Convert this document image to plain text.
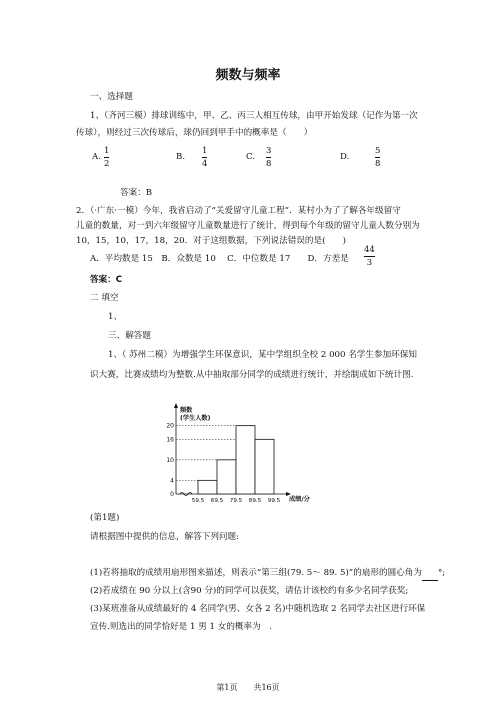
频数与频率
一、选择题
1、（齐河三模）排球训练中，甲、乙、丙三人相互传球，由甲开始发球（记作为第一次
传球），则经过三次传球后，球仍回到甲手中的概率是（　　）
A.
1
2
B.
1
4
C.
3
8
D.
5
8
答案：B
2．（·广东·一模）今年，我省启动了“关爱留守儿童工程”．某村小为了了解各年级留守
儿童的数量，对一到六年级留守儿童数量进行了统计，得到每个年级的留守儿童人数分别为
10，15，10，17，18，20．对于这组数据，下列说法错误的是(　　)
A．平均数是 15　B．众数是 10　 C．中位数是 17　　D．方差是
44
3
答案：C
二 填空
1、
三、解答题
1、（ 苏州二模）为增强学生环保意识，某中学组织全校 2 000 名学生参加环保知
识大赛，比赛成绩均为整数.从中抽取部分同学的成绩进行统计，并绘制成如下统计图.
频数
(学生人数)
成绩/分
0
4
10
16
20
59.5 69.5 79.5 89.5 99.5
(第1题)
请根据图中提供的信息，解答下列问题:
(1)若将抽取的成绩用扇形图来描述，则表示“第三组(79. 5～ 89. 5)”的扇形的圆心角为 °;
(2)若成绩在 90 分以上(含90 分)的同学可以获奖，请估计该校约有多少名同学获奖;
(3)某班准备从成绩最好的 4 名同学(男、女各 2 名)中随机选取 2 名同学去社区进行环保
宣传.则选出的同学恰好是 1 男 1 女的概率为　.
第1页　　共16页
